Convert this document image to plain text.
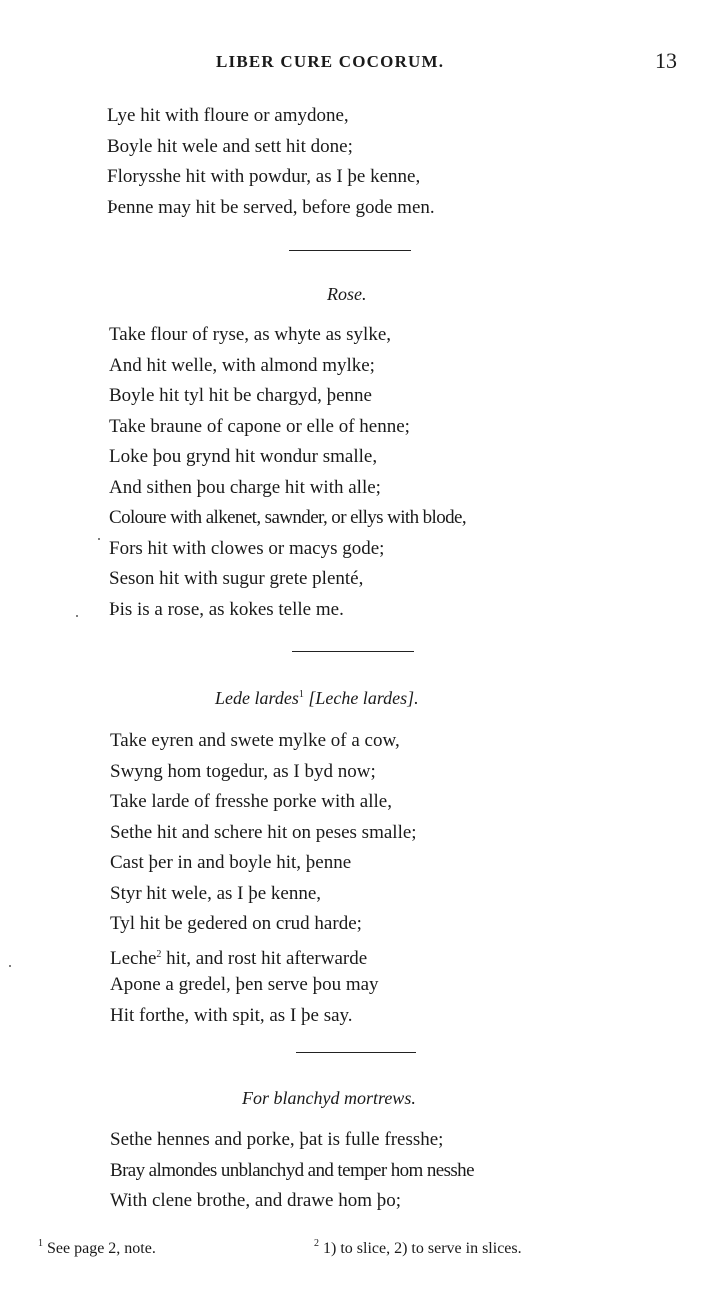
LIBER CURE COCORUM.	13
Lye hit with floure or amydone,
Boyle hit wele and sett hit done;
Florysshe hit with powdur, as I þe kenne,
Þenne may hit be served, before gode men.
Rose.
Take flour of ryse, as whyte as sylke,
And hit welle, with almond mylke;
Boyle hit tyl hit be chargyd, þenne
Take braune of capone or elle of henne;
Loke þou grynd hit wondur smalle,
And sithen þou charge hit with alle;
Coloure with alkenet, sawnder, or ellys with blode,
Fors hit with clowes or macys gode;
Seson hit with sugur grete plenté,
Þis is a rose, as kokes telle me.
Lede lardes$^1$ [Leche lardes].
Take eyren and swete mylke of a cow,
Swyng hom togedur, as I byd now;
Take larde of fresshe porke with alle,
Sethe hit and schere hit on peses smalle;
Cast þer in and boyle hit, þenne
Styr hit wele, as I þe kenne,
Tyl hit be gedered on crud harde;
Leche$^2$ hit, and rost hit afterwarde
Apone a gredel, þen serve þou may
Hit forthe, with spit, as I þe say.
For blanchyd mortrews.
Sethe hennes and porke, þat is fulle fresshe;
Bray almondes unblanchyd and temper hom nesshe
With clene brothe, and drawe hom þo;
$^1$ See page 2, note.	$^2$ 1) to slice, 2) to serve in slices.
